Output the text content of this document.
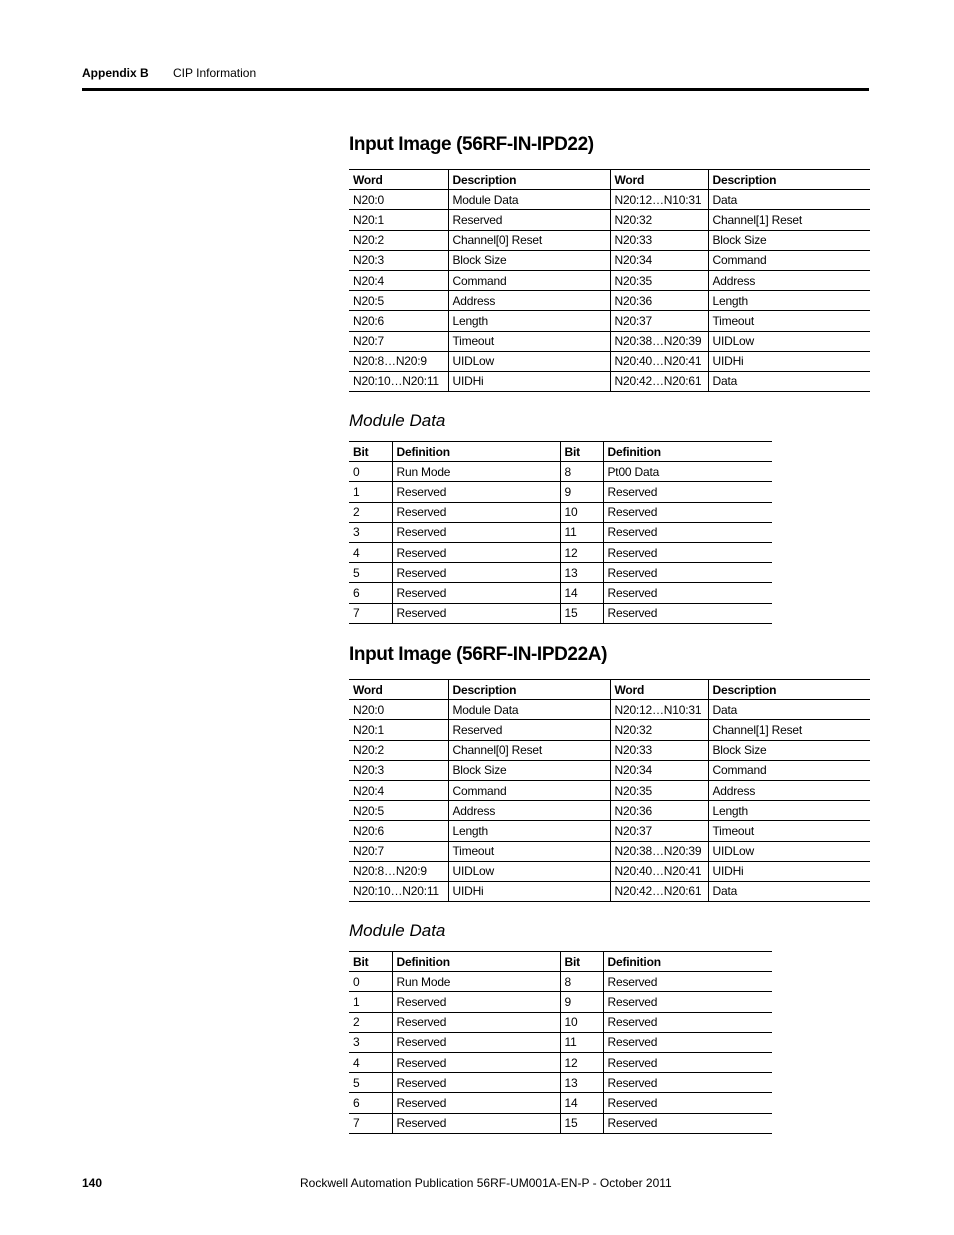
Appendix B CIP Information
Input Image (56RF-IN-IPD22)
Word	Description	Word	Description
N20:0	Module Data	N20:12…N10:31	Data
N20:1	Reserved	N20:32	Channel[1] Reset
N20:2	Channel[0] Reset	N20:33	Block Size
N20:3	Block Size	N20:34	Command
N20:4	Command	N20:35	Address
N20:5	Address	N20:36	Length
N20:6	Length	N20:37	Timeout
N20:7	Timeout	N20:38…N20:39	UIDLow
N20:8…N20:9	UIDLow	N20:40…N20:41	UIDHi
N20:10…N20:11	UIDHi	N20:42…N20:61	Data
Module Data
Bit	Definition	Bit	Definition
0	Run Mode	8	Pt00 Data
1	Reserved	9	Reserved
2	Reserved	10	Reserved
3	Reserved	11	Reserved
4	Reserved	12	Reserved
5	Reserved	13	Reserved
6	Reserved	14	Reserved
7	Reserved	15	Reserved
Input Image (56RF-IN-IPD22A)
Word	Description	Word	Description
N20:0	Module Data	N20:12…N10:31	Data
N20:1	Reserved	N20:32	Channel[1] Reset
N20:2	Channel[0] Reset	N20:33	Block Size
N20:3	Block Size	N20:34	Command
N20:4	Command	N20:35	Address
N20:5	Address	N20:36	Length
N20:6	Length	N20:37	Timeout
N20:7	Timeout	N20:38…N20:39	UIDLow
N20:8…N20:9	UIDLow	N20:40…N20:41	UIDHi
N20:10…N20:11	UIDHi	N20:42…N20:61	Data
Module Data
Bit	Definition	Bit	Definition
0	Run Mode	8	Reserved
1	Reserved	9	Reserved
2	Reserved	10	Reserved
3	Reserved	11	Reserved
4	Reserved	12	Reserved
5	Reserved	13	Reserved
6	Reserved	14	Reserved
7	Reserved	15	Reserved
140	Rockwell Automation Publication 56RF-UM001A-EN-P - October 2011
